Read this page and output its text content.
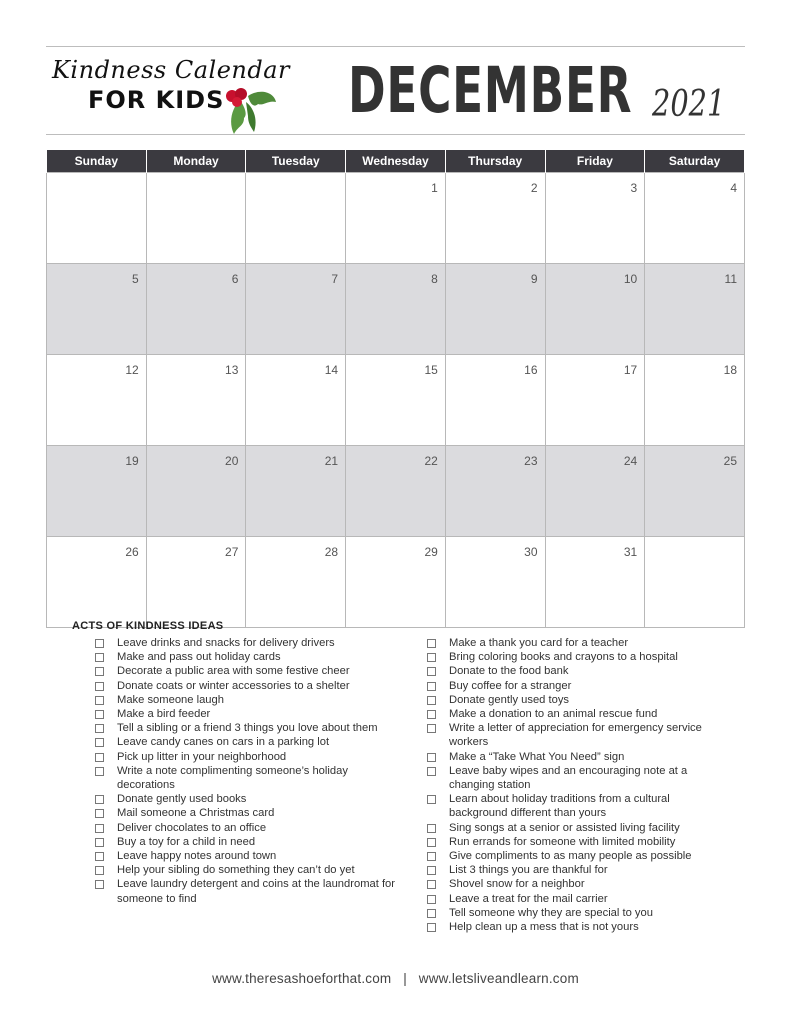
Kindness Calendar
FOR KIDS DECEMBER 2021
Sunday	Monday	Tuesday	Wednesday	Thursday	Friday	Saturday
			1	2	3	4
5	6	7	8	9	10	11
12	13	14	15	16	17	18
19	20	21	22	23	24	25
26	27	28	29	30	31	
ACTS OF KINDNESS IDEAS
Leave drinks and snacks for delivery drivers
Make and pass out holiday cards
Decorate a public area with some festive cheer
Donate coats or winter accessories to a shelter
Make someone laugh
Make a bird feeder
Tell a sibling or a friend 3 things you love about them
Leave candy canes on cars in a parking lot
Pick up litter in your neighborhood
Write a note complimenting someone’s holiday decorations
Donate gently used books
Mail someone a Christmas card
Deliver chocolates to an office
Buy a toy for a child in need
Leave happy notes around town
Help your sibling do something they can’t do yet
Leave laundry detergent and coins at the laundromat for someone to find
Make a thank you card for a teacher
Bring coloring books and crayons to a hospital
Donate to the food bank
Buy coffee for a stranger
Donate gently used toys
Make a donation to an animal rescue fund
Write a letter of appreciation for emergency service workers
Make a “Take What You Need” sign
Leave baby wipes and an encouraging note at a changing station
Learn about holiday traditions from a cultural background different than yours
Sing songs at a senior or assisted living facility
Run errands for someone with limited mobility
Give compliments to as many people as possible
List 3 things you are thankful for
Shovel snow for a neighbor
Leave a treat for the mail carrier
Tell someone why they are special to you
Help clean up a mess that is not yours
www.theresashoeforthat.com   |   www.letsliveandlearn.com
